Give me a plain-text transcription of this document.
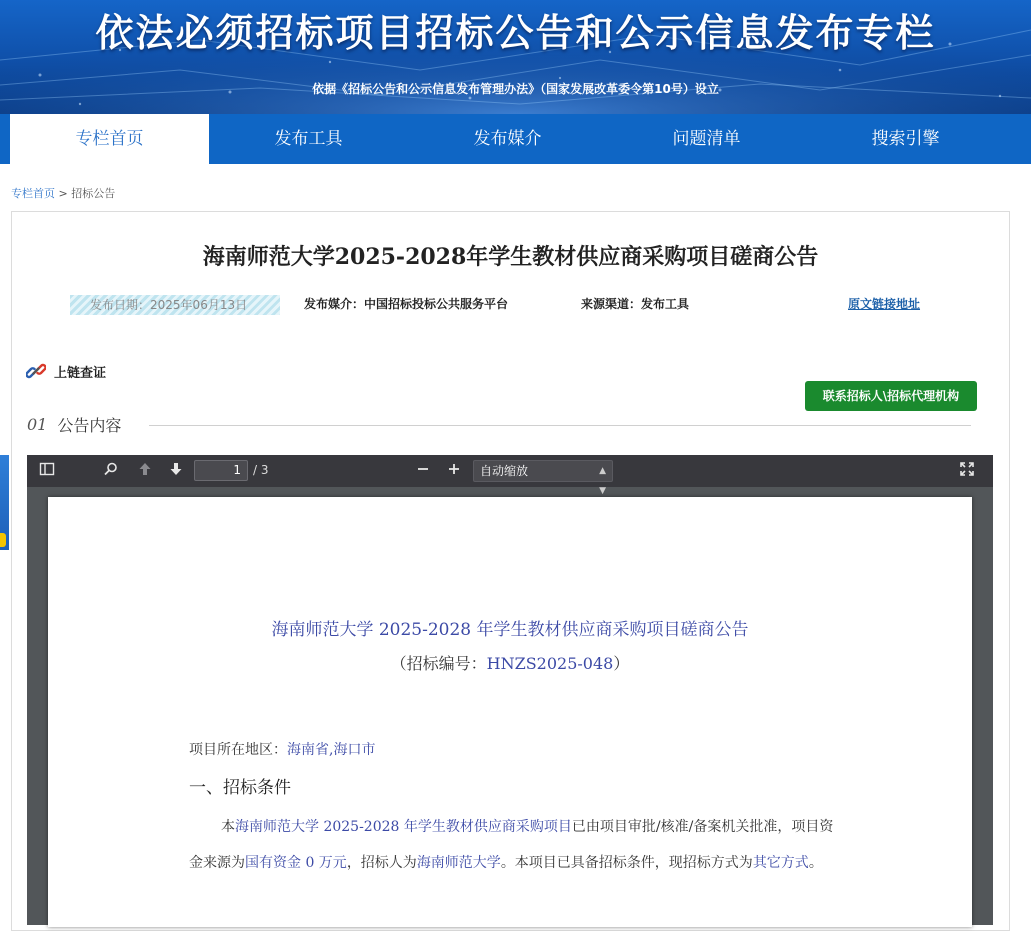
依法必须招标项目招标公告和公示信息发布专栏
依据《招标公告和公示信息发布管理办法》（国家发展改革委令第10号）设立
专栏首页	发布工具	发布媒介	问题清单	搜索引擎
专栏首页 > 招标公告
海南师范大学2025-2028年学生教材供应商采购项目磋商公告
发布日期：2025年06月13日	发布媒介：中国招标投标公共服务平台	来源渠道：发布工具	原文链接地址
上链查证
联系招标人\招标代理机构
01 公告内容
1	/ 3	自动缩放	▲
▼
海南师范大学 2025-2028 年学生教材供应商采购项目磋商公告
（招标编号：HNZS2025-048）
项目所在地区：海南省,海口市
一、招标条件
本海南师范大学 2025-2028 年学生教材供应商采购项目已由项目审批/核准/备案机关批准，项目资金来源为国有资金 0 万元，招标人为海南师范大学。本项目已具备招标条件，现招标方式为其它方式。
